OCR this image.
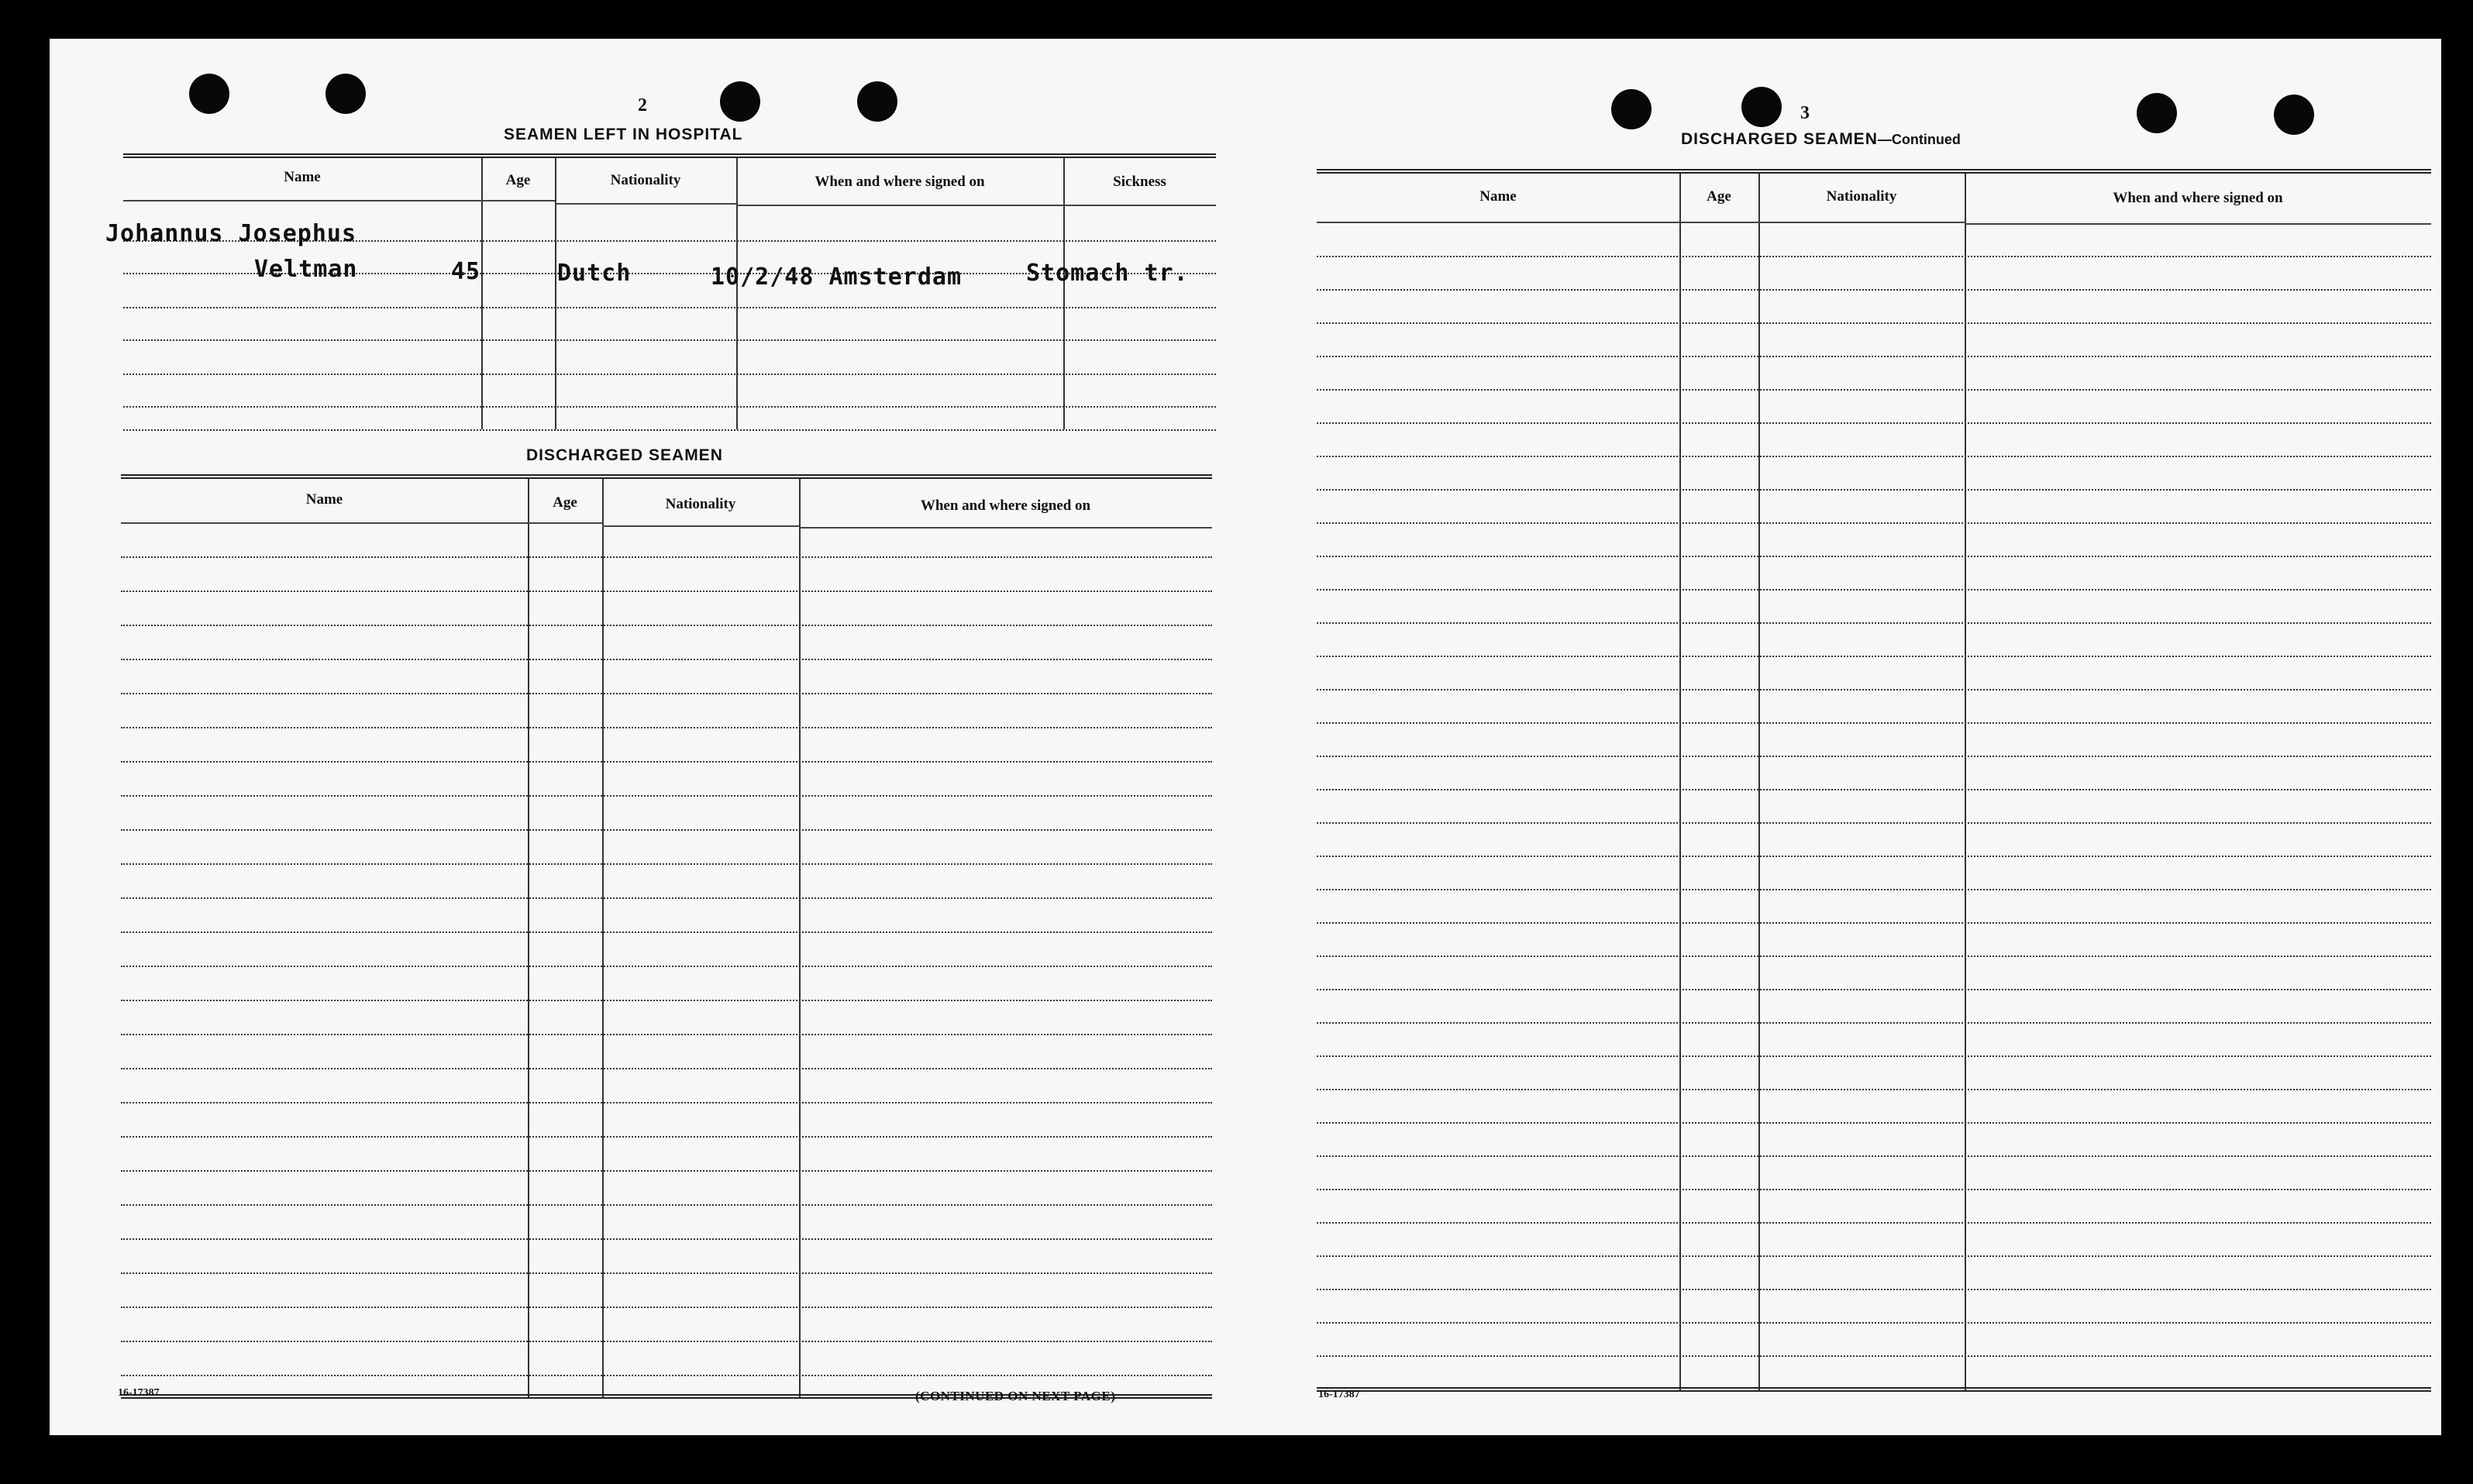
2
SEAMEN LEFT IN HOSPITAL
Name	Age	Nationality	When and where signed on	Sickness
Johannus Josephus
Veltman	45	Dutch	10/2/48 Amsterdam	Stomach tr.
DISCHARGED SEAMEN
Name	Age	Nationality	When and where signed on
16-17387	(CONTINUED ON NEXT PAGE)
3
DISCHARGED SEAMEN—Continued
Name	Age	Nationality	When and where signed on
16-17387
